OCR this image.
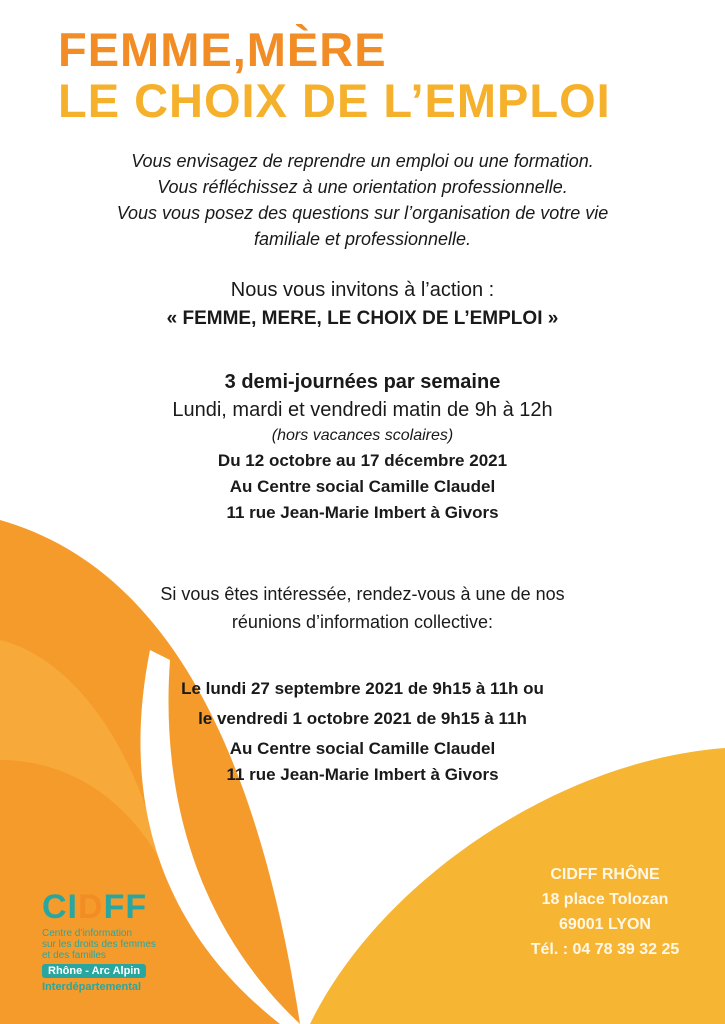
FEMME,MÈRE
LE CHOIX DE L’EMPLOI
Vous envisagez de reprendre un emploi ou une formation.
Vous réfléchissez à une orientation professionnelle.
Vous vous posez des questions sur l’organisation de votre vie
familiale et professionnelle.
Nous vous invitons à l’action :
« FEMME, MERE, LE CHOIX DE L’EMPLOI »
3 demi-journées par semaine
Lundi, mardi et vendredi matin de 9h à 12h
(hors vacances scolaires)
Du 12 octobre au 17 décembre 2021
Au Centre social Camille Claudel
11 rue Jean-Marie Imbert à Givors
Si vous êtes intéressée, rendez-vous à une de nos
réunions d’information collective:
Le lundi 27 septembre 2021 de 9h15 à 11h ou
le vendredi 1 octobre 2021 de 9h15 à 11h
Au Centre social Camille Claudel
11 rue Jean-Marie Imbert à Givors
CIDFF RHÔNE
18 place Tolozan
69001 LYON
Tél. : 04 78 39 32 25
CIDFF
Centre d’information
sur les droits des femmes
et des familles
Rhône - Arc Alpin
Interdépartemental
